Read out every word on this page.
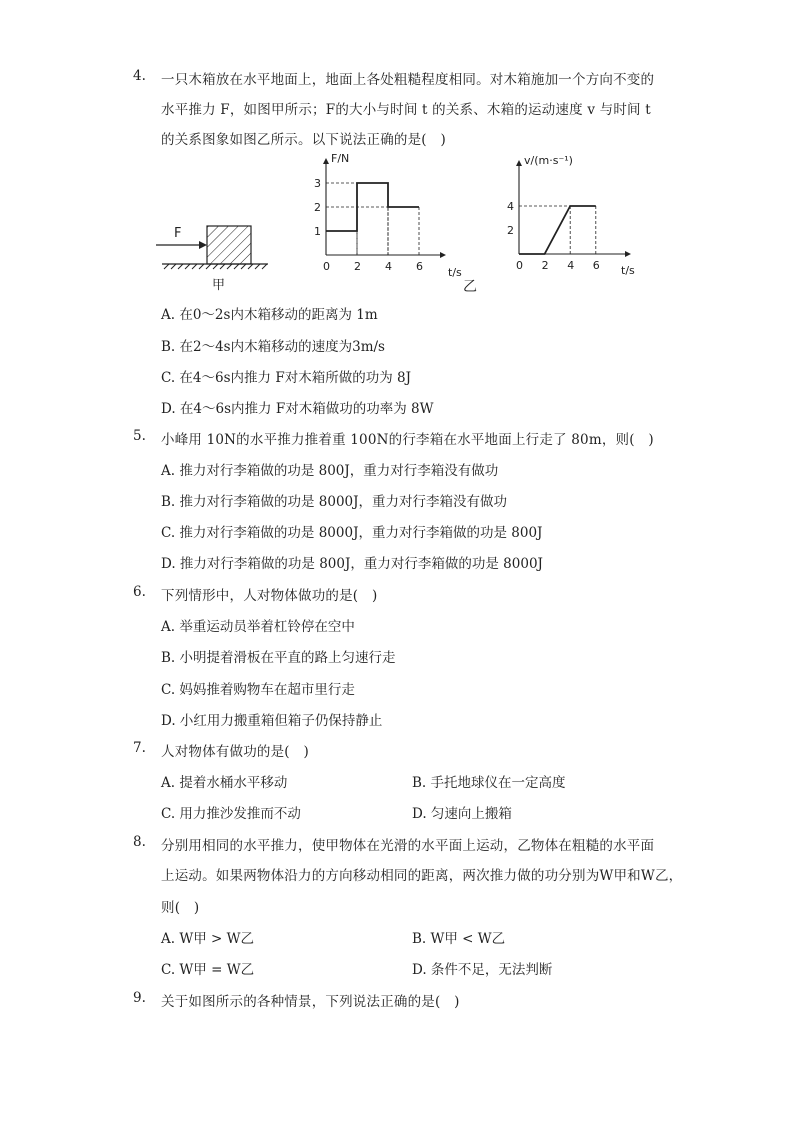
4. 一只木箱放在水平地面上，地面上各处粗糙程度相同。对木箱施加一个方向不变的
水平推力 F，如图甲所示；F的大小与时间 t 的关系、木箱的运动速度 v 与时间 t
的关系图象如图乙所示。以下说法正确的是(　)
F
甲
F/N
t/s
0 2 4 6
1
2
3
v/(m·s⁻¹)
t/s
0 2 4 6
2
4
乙
A. 在0～2s内木箱移动的距离为 1m
B. 在2～4s内木箱移动的速度为3m/s
C. 在4～6s内推力 F对木箱所做的功为 8J
D. 在4～6s内推力 F对木箱做功的功率为 8W
5. 小峰用 10N的水平推力推着重 100N的行李箱在水平地面上行走了 80m，则(　)
A. 推力对行李箱做的功是 800J，重力对行李箱没有做功
B. 推力对行李箱做的功是 8000J，重力对行李箱没有做功
C. 推力对行李箱做的功是 8000J，重力对行李箱做的功是 800J
D. 推力对行李箱做的功是 800J，重力对行李箱做的功是 8000J
6. 下列情形中，人对物体做功的是(　)
A. 举重运动员举着杠铃停在空中
B. 小明提着滑板在平直的路上匀速行走
C. 妈妈推着购物车在超市里行走
D. 小红用力搬重箱但箱子仍保持静止
7. 人对物体有做功的是(　)
A. 提着水桶水平移动	B. 手托地球仪在一定高度
C. 用力推沙发推而不动	D. 匀速向上搬箱
8. 分别用相同的水平推力，使甲物体在光滑的水平面上运动，乙物体在粗糙的水平面
上运动。如果两物体沿力的方向移动相同的距离，两次推力做的功分别为W甲和W乙，
则(　)
A. W甲 > W乙	B. W甲 < W乙
C. W甲 = W乙	D. 条件不足，无法判断
9. 关于如图所示的各种情景，下列说法正确的是(　)
